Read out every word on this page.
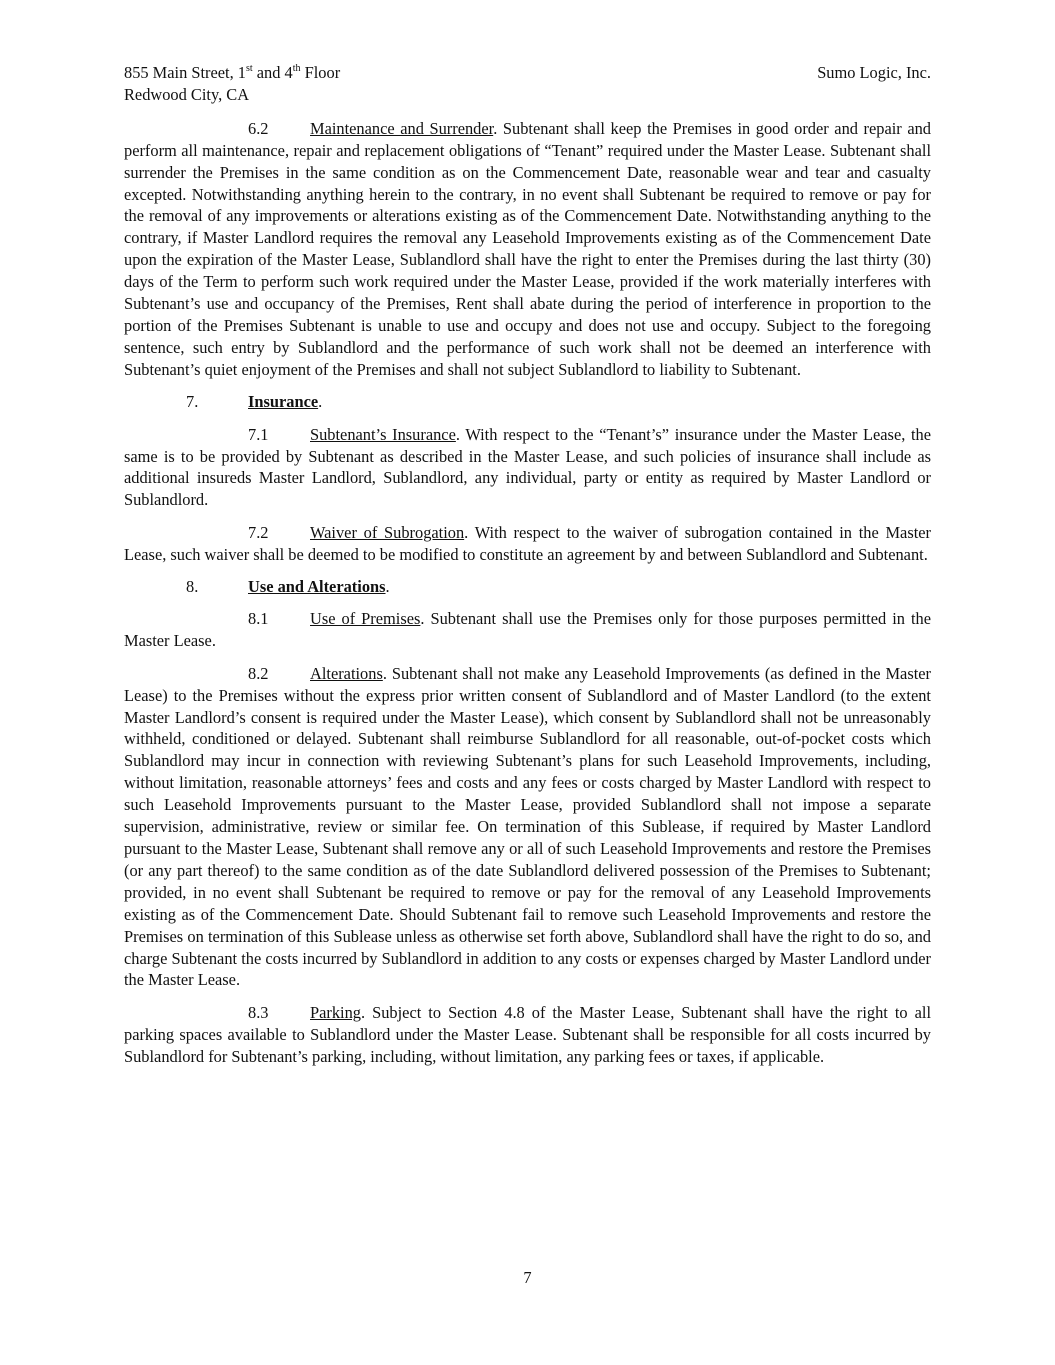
855 Main Street, 1st and 4th Floor
Redwood City, CA
Sumo Logic, Inc.

6.2	Maintenance and Surrender. Subtenant shall keep the Premises in good order and repair and perform all maintenance, repair and replacement obligations of “Tenant” required under the Master Lease. Subtenant shall surrender the Premises in the same condition as on the Commencement Date, reasonable wear and tear and casualty excepted. Notwithstanding anything herein to the contrary, in no event shall Subtenant be required to remove or pay for the removal of any improvements or alterations existing as of the Commencement Date. Notwithstanding anything to the contrary, if Master Landlord requires the removal any Leasehold Improvements existing as of the Commencement Date upon the expiration of the Master Lease, Sublandlord shall have the right to enter the Premises during the last thirty (30) days of the Term to perform such work required under the Master Lease, provided if the work materially interferes with Subtenant’s use and occupancy of the Premises, Rent shall abate during the period of interference in proportion to the portion of the Premises Subtenant is unable to use and occupy and does not use and occupy. Subject to the foregoing sentence, such entry by Sublandlord and the performance of such work shall not be deemed an interference with Subtenant’s quiet enjoyment of the Premises and shall not subject Sublandlord to liability to Subtenant.

7.	Insurance.

7.1	Subtenant’s Insurance. With respect to the “Tenant’s” insurance under the Master Lease, the same is to be provided by Subtenant as described in the Master Lease, and such policies of insurance shall include as additional insureds Master Landlord, Sublandlord, any individual, party or entity as required by Master Landlord or Sublandlord.

7.2	Waiver of Subrogation. With respect to the waiver of subrogation contained in the Master Lease, such waiver shall be deemed to be modified to constitute an agreement by and between Sublandlord and Subtenant.

8.	Use and Alterations.

8.1	Use of Premises. Subtenant shall use the Premises only for those purposes permitted in the Master Lease.

8.2	Alterations. Subtenant shall not make any Leasehold Improvements (as defined in the Master Lease) to the Premises without the express prior written consent of Sublandlord and of Master Landlord (to the extent Master Landlord’s consent is required under the Master Lease), which consent by Sublandlord shall not be unreasonably withheld, conditioned or delayed. Subtenant shall reimburse Sublandlord for all reasonable, out-of-pocket costs which Sublandlord may incur in connection with reviewing Subtenant’s plans for such Leasehold Improvements, including, without limitation, reasonable attorneys’ fees and costs and any fees or costs charged by Master Landlord with respect to such Leasehold Improvements pursuant to the Master Lease, provided Sublandlord shall not impose a separate supervision, administrative, review or similar fee. On termination of this Sublease, if required by Master Landlord pursuant to the Master Lease, Subtenant shall remove any or all of such Leasehold Improvements and restore the Premises (or any part thereof) to the same condition as of the date Sublandlord delivered possession of the Premises to Subtenant; provided, in no event shall Subtenant be required to remove or pay for the removal of any Leasehold Improvements existing as of the Commencement Date. Should Subtenant fail to remove such Leasehold Improvements and restore the Premises on termination of this Sublease unless as otherwise set forth above, Sublandlord shall have the right to do so, and charge Subtenant the costs incurred by Sublandlord in addition to any costs or expenses charged by Master Landlord under the Master Lease.

8.3	Parking. Subject to Section 4.8 of the Master Lease, Subtenant shall have the right to all parking spaces available to Sublandlord under the Master Lease. Subtenant shall be responsible for all costs incurred by Sublandlord for Subtenant’s parking, including, without limitation, any parking fees or taxes, if applicable.

7
